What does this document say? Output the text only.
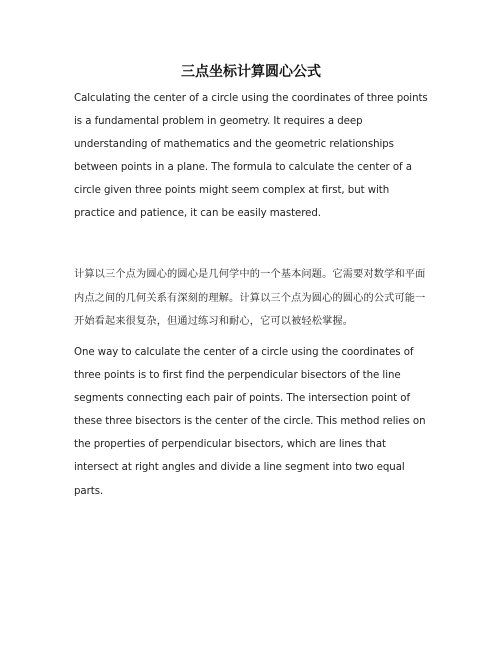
三点坐标计算圆心公式

Calculating the center of a circle using the coordinates of three points is a fundamental problem in geometry. It requires a deep understanding of mathematics and the geometric relationships between points in a plane. The formula to calculate the center of a circle given three points might seem complex at first, but with practice and patience, it can be easily mastered.

计算以三个点为圆心的圆心是几何学中的一个基本问题。它需要对数学和平面内点之间的几何关系有深刻的理解。计算以三个点为圆心的圆心的公式可能一开始看起来很复杂，但通过练习和耐心，它可以被轻松掌握。

One way to calculate the center of a circle using the coordinates of three points is to first find the perpendicular bisectors of the line segments connecting each pair of points. The intersection point of these three bisectors is the center of the circle. This method relies on the properties of perpendicular bisectors, which are lines that intersect at right angles and divide a line segment into two equal parts.
